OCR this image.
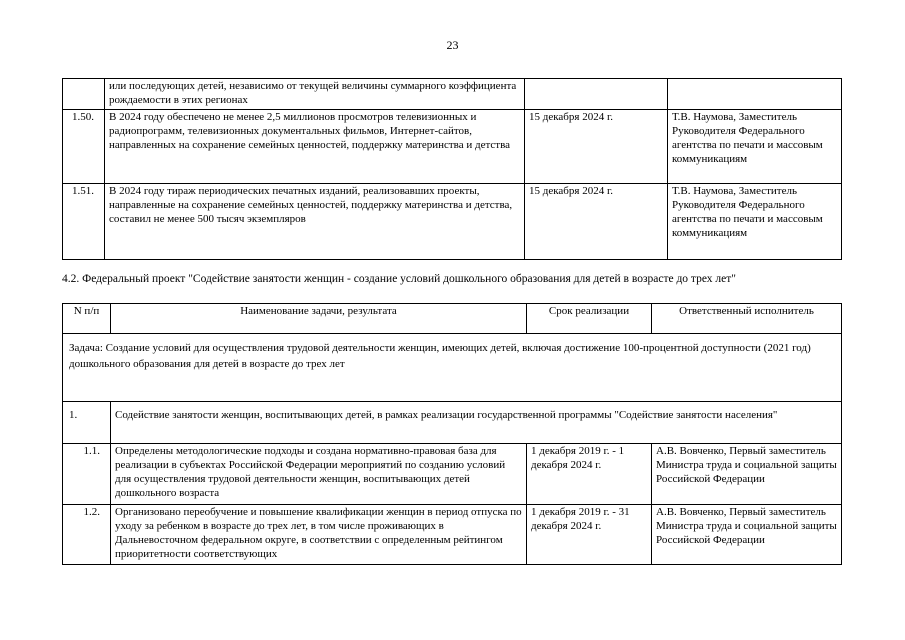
23
	или последующих детей, независимо от текущей величины суммарного коэффициента рождаемости в этих регионах		
1.50.	В 2024 году обеспечено не менее 2,5 миллионов просмотров телевизионных и радиопрограмм, телевизионных документальных фильмов, Интернет-сайтов, направленных на сохранение семейных ценностей, поддержку материнства и детства	15 декабря 2024 г.	Т.В. Наумова, Заместитель Руководителя Федерального агентства по печати и массовым коммуникациям
1.51.	В 2024 году тираж периодических печатных изданий, реализовавших проекты, направленные на сохранение семейных ценностей, поддержку материнства и детства, составил не менее 500 тысяч экземпляров	15 декабря 2024 г.	Т.В. Наумова, Заместитель Руководителя Федерального агентства по печати и массовым коммуникациям
4.2. Федеральный проект "Содействие занятости женщин - создание условий дошкольного образования для детей в возрасте до трех лет"
N п/п	Наименование задачи, результата	Срок реализации	Ответственный исполнитель
Задача: Создание условий для осуществления трудовой деятельности женщин, имеющих детей, включая достижение 100-процентной доступности (2021 год) дошкольного образования для детей в возрасте до трех лет			
1.	Содействие занятости женщин, воспитывающих детей, в рамках реализации государственной программы "Содействие занятости населения"		
1.1.	Определены методологические подходы и создана нормативно-правовая база для реализации в субъектах Российской Федерации мероприятий по созданию условий для осуществления трудовой деятельности женщин, воспитывающих детей дошкольного возраста	1 декабря 2019 г. - 1 декабря 2024 г.	А.В. Вовченко, Первый заместитель Министра труда и социальной защиты Российской Федерации
1.2.	Организовано переобучение и повышение квалификации женщин в период отпуска по уходу за ребенком в возрасте до трех лет, в том числе проживающих в Дальневосточном федеральном округе, в соответствии с определенным рейтингом приоритетности соответствующих	1 декабря 2019 г. - 31 декабря 2024 г.	А.В. Вовченко, Первый заместитель Министра труда и социальной защиты Российской Федерации
